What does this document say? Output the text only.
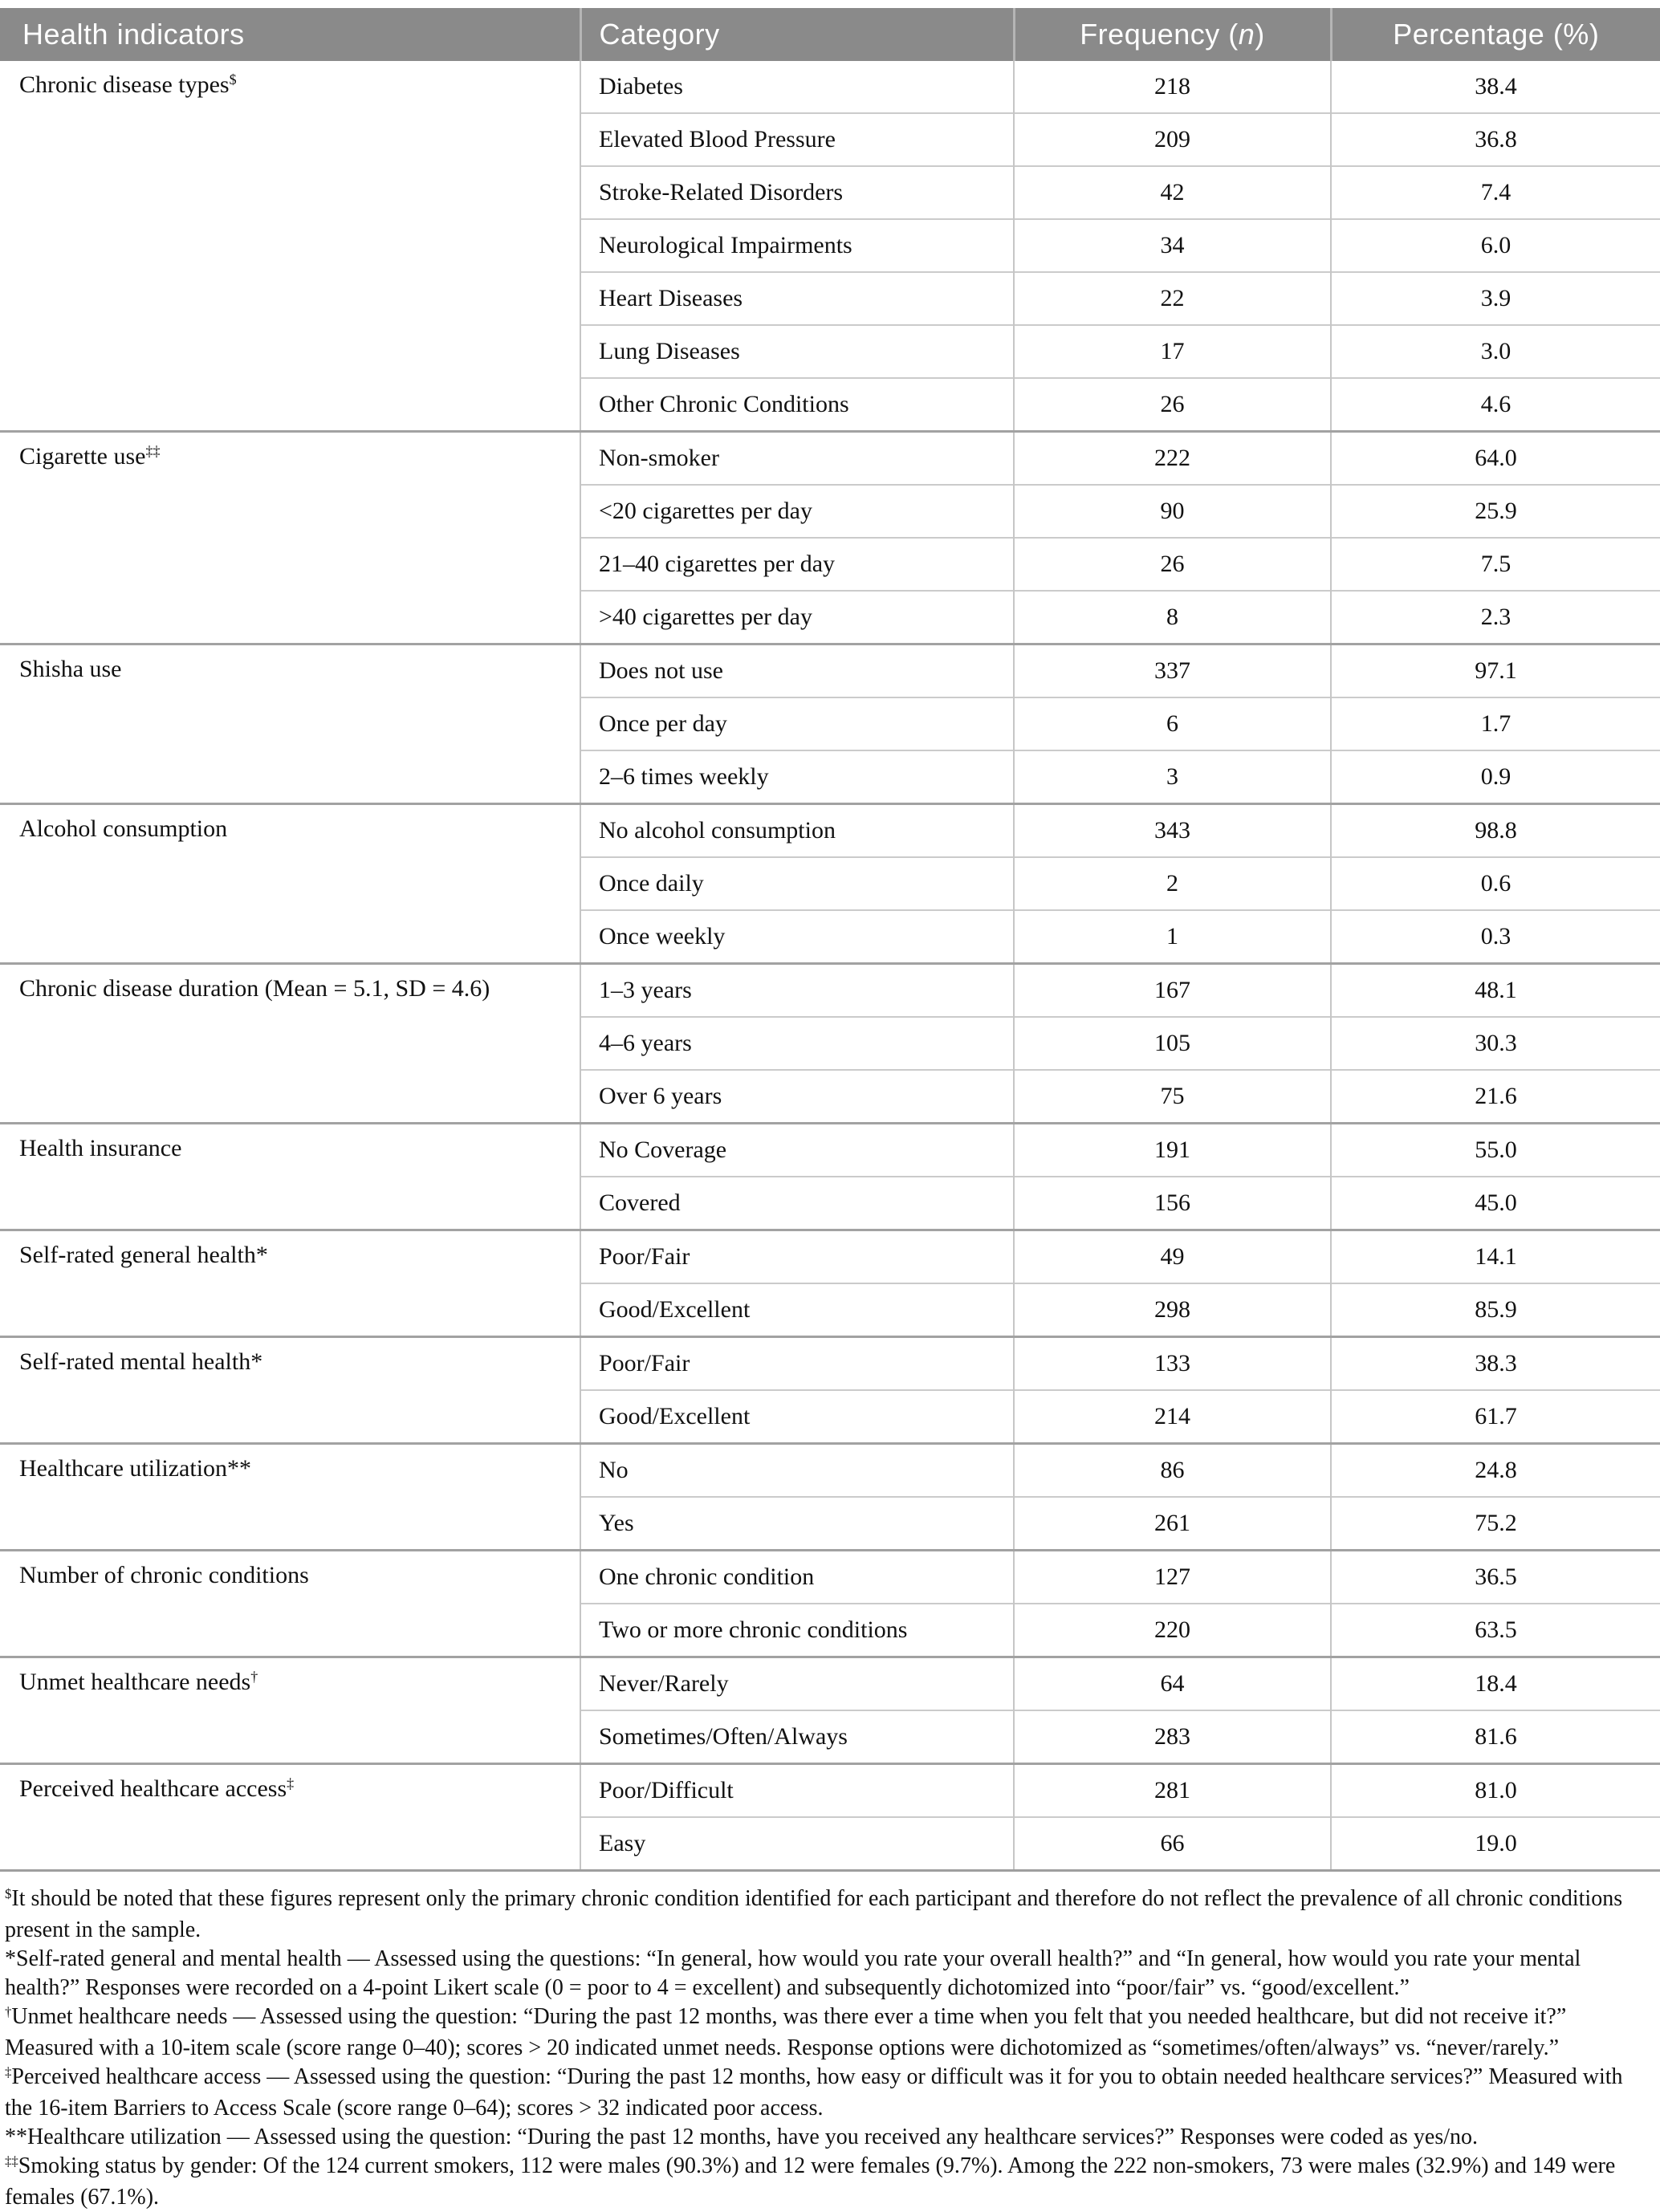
Health indicators	Category	Frequency (n)	Percentage (%)
Chronic disease types$	Diabetes	218	38.4
	Elevated Blood Pressure	209	36.8
	Stroke-Related Disorders	42	7.4
	Neurological Impairments	34	6.0
	Heart Diseases	22	3.9
	Lung Diseases	17	3.0
	Other Chronic Conditions	26	4.6
Cigarette use‡‡	Non-smoker	222	64.0
	<20 cigarettes per day	90	25.9
	21–40 cigarettes per day	26	7.5
	>40 cigarettes per day	8	2.3
Shisha use	Does not use	337	97.1
	Once per day	6	1.7
	2–6 times weekly	3	0.9
Alcohol consumption	No alcohol consumption	343	98.8
	Once daily	2	0.6
	Once weekly	1	0.3
Chronic disease duration (Mean = 5.1, SD = 4.6)	1–3 years	167	48.1
	4–6 years	105	30.3
	Over 6 years	75	21.6
Health insurance	No Coverage	191	55.0
	Covered	156	45.0
Self-rated general health*	Poor/Fair	49	14.1
	Good/Excellent	298	85.9
Self-rated mental health*	Poor/Fair	133	38.3
	Good/Excellent	214	61.7
Healthcare utilization**	No	86	24.8
	Yes	261	75.2
Number of chronic conditions	One chronic condition	127	36.5
	Two or more chronic conditions	220	63.5
Unmet healthcare needs†	Never/Rarely	64	18.4
	Sometimes/Often/Always	283	81.6
Perceived healthcare access‡	Poor/Difficult	281	81.0
	Easy	66	19.0

$It should be noted that these figures represent only the primary chronic condition identified for each participant and therefore do not reflect the prevalence of all chronic conditions present in the sample.

*Self-rated general and mental health — Assessed using the questions: “In general, how would you rate your overall health?” and “In general, how would you rate your mental health?” Responses were recorded on a 4-point Likert scale (0 = poor to 4 = excellent) and subsequently dichotomized into “poor/fair” vs. “good/excellent.”

†Unmet healthcare needs — Assessed using the question: “During the past 12 months, was there ever a time when you felt that you needed healthcare, but did not receive it?” Measured with a 10-item scale (score range 0–40); scores > 20 indicated unmet needs. Response options were dichotomized as “sometimes/often/always” vs. “never/rarely.”

‡Perceived healthcare access — Assessed using the question: “During the past 12 months, how easy or difficult was it for you to obtain needed healthcare services?” Measured with the 16-item Barriers to Access Scale (score range 0–64); scores > 32 indicated poor access.

**Healthcare utilization — Assessed using the question: “During the past 12 months, have you received any healthcare services?” Responses were coded as yes/no.

‡‡Smoking status by gender: Of the 124 current smokers, 112 were males (90.3%) and 12 were females (9.7%). Among the 222 non-smokers, 73 were males (32.9%) and 149 were females (67.1%).
